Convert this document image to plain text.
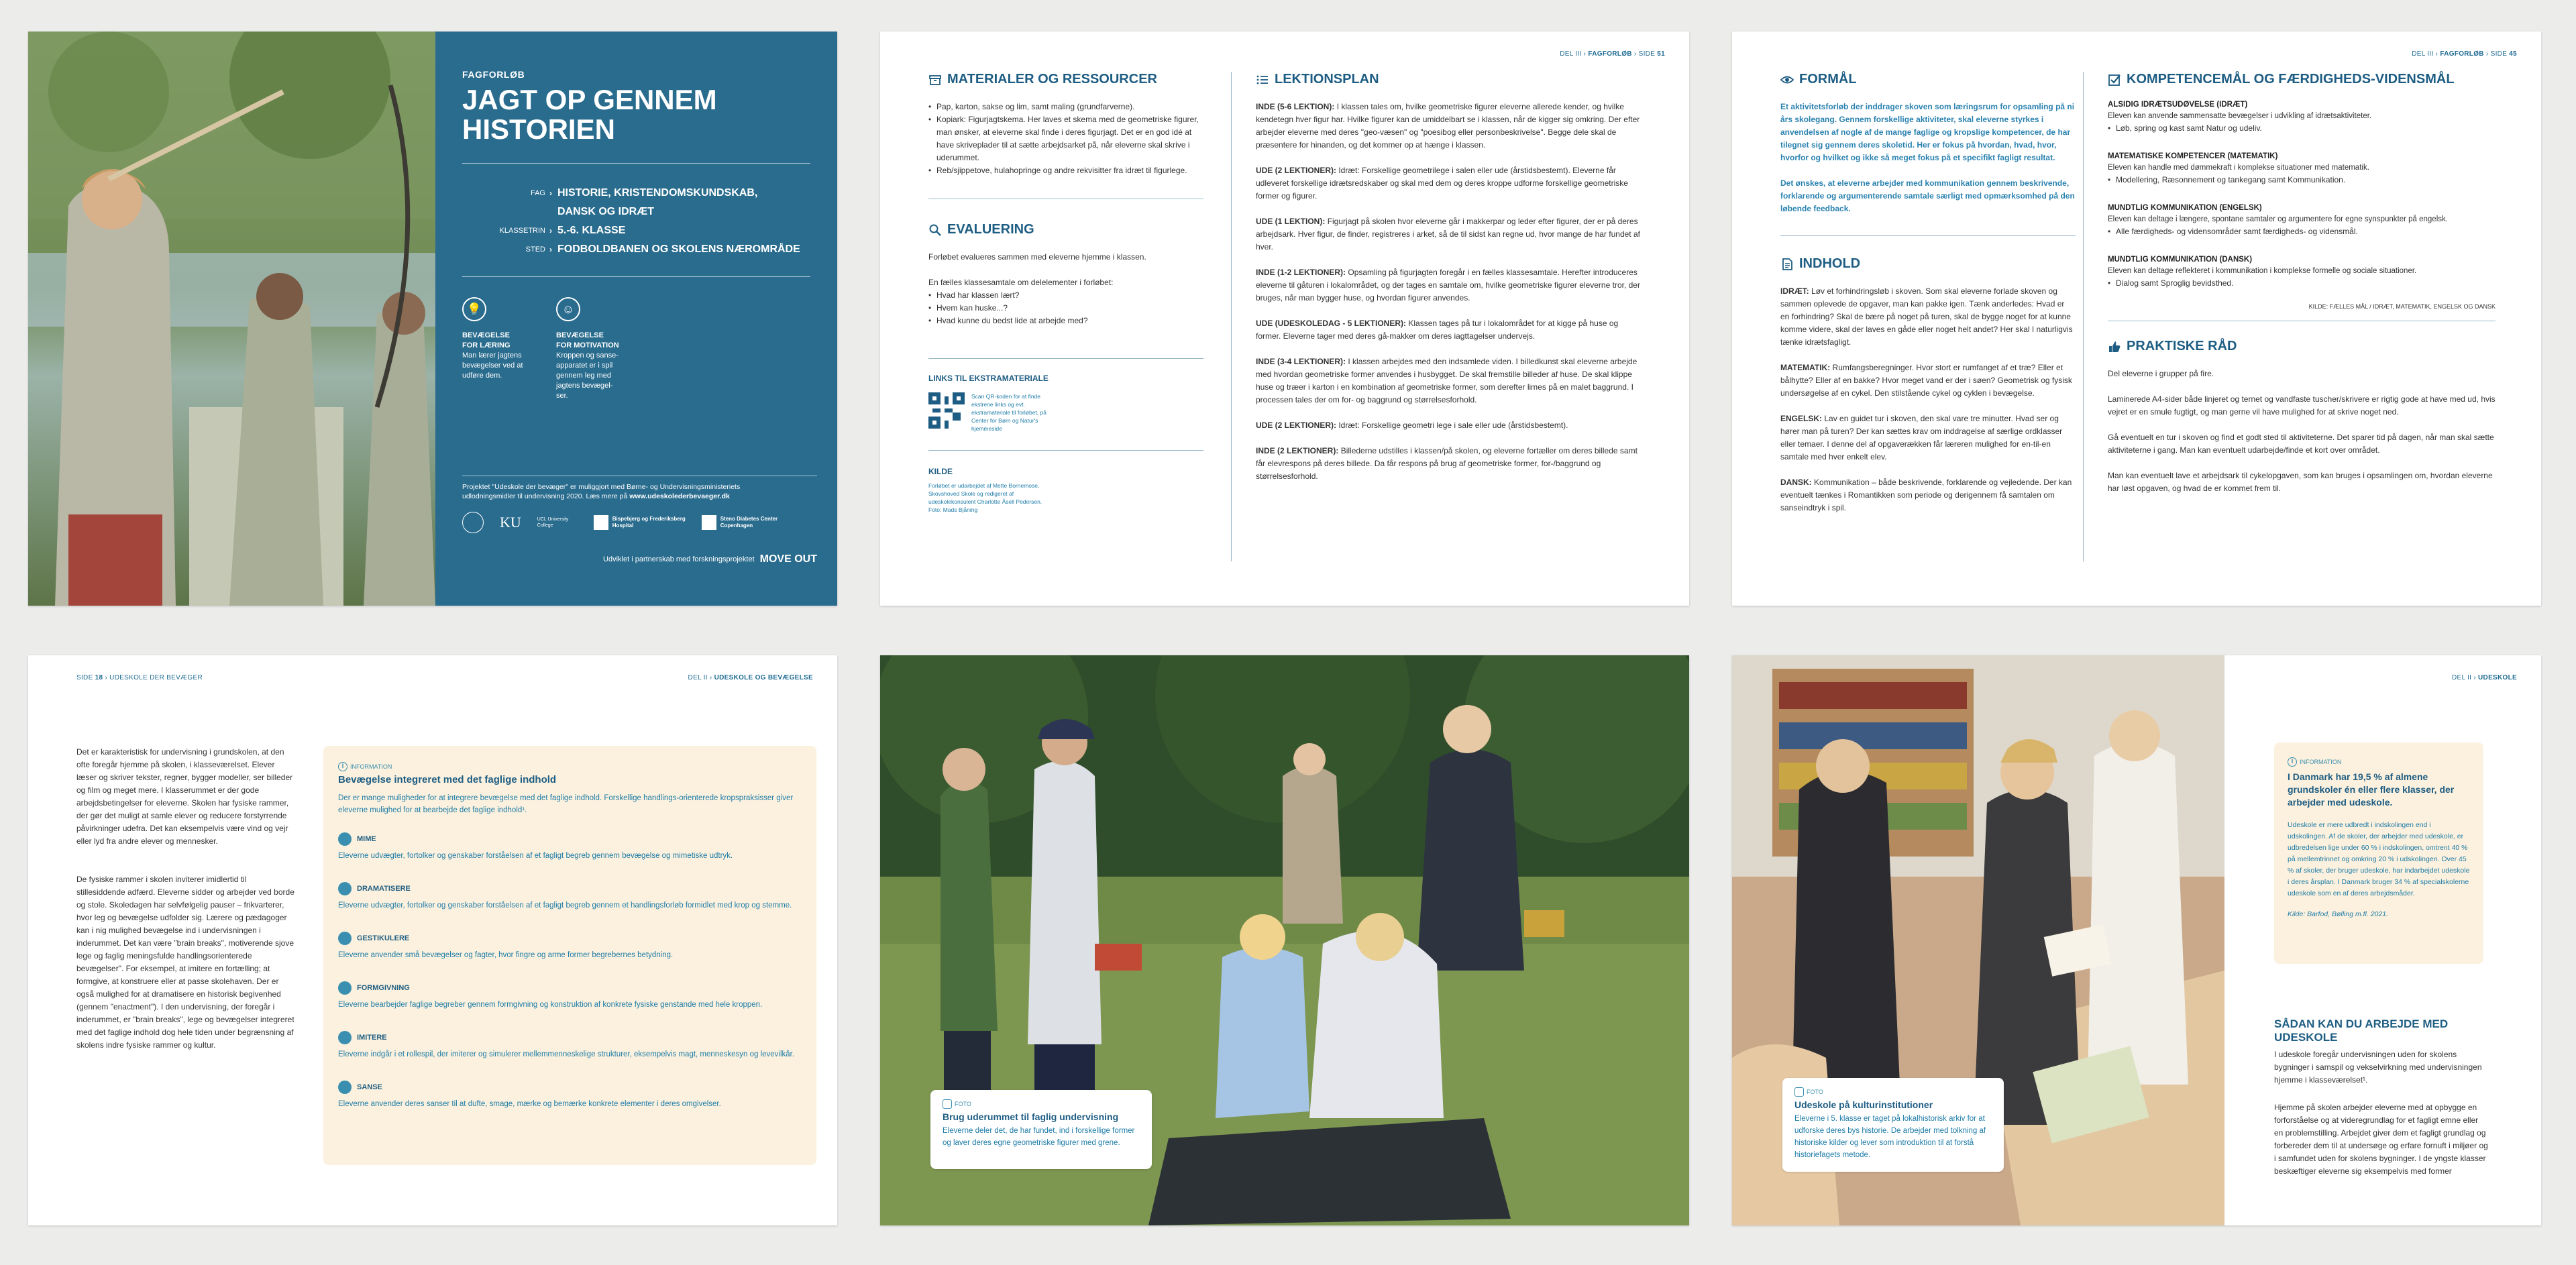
FAGFORLØB
JAGT OP GENNEM
HISTORIEN
FAG › HISTORIE, KRISTENDOMSKUNDSKAB,
DANSK OG IDRÆT
KLASSETRIN › 5.-6. KLASSE
STED › FODBOLDBANEN OG SKOLENS NÆROMRÅDE
💡
BEVÆGELSE
FOR LÆRING
Man lærer jagtens
bevægelser ved at
udføre dem.
☺
BEVÆGELSE
FOR MOTIVATION
Kroppen og sanse-
apparatet er i spil
gennem leg med
jagtens bevægel-
ser.
Projektet "Udeskole der bevæger" er muliggjort med Børne- og Undervisningsministeriets
udlodningsmidler til undervisning 2020. Læs mere på www.udeskolederbevaeger.dk
KU	UCL University College
Bispebjerg og Frederiksberg
Hospital
Steno Diabetes Center
Copenhagen
Udviklet i partnerskab med forskningsprojektet MOVE OUT
DEL III › FAGFORLØB › SIDE 51
MATERIALER OG RESSOURCER
• Pap, karton, sakse og lim, samt maling (grundfarverne).
• Kopiark: Figurjagtskema. Her laves et skema med de geometriske figurer, man ønsker, at eleverne skal finde i deres figurjagt. Det er en god idé at have skriveplader til at sætte arbejdsarket på, når eleverne skal skrive i uderummet.
• Reb/sjippetove, hulahopringe og andre rekvisitter fra idræt til figurlege.
EVALUERING

Forløbet evalueres sammen med eleverne hjemme i klassen.

En fælles klassesamtale om delelementer i forløbet:
• Hvad har klassen lært?
• Hvem kan huske...?
• Hvad kunne du bedst lide at arbejde med?
LINKS TIL EKSTRAMATERIALE
Scan QR-koden for at finde ekstrene links og evt. ekstramateriale til forløbet, på Center for Børn og Natur's hjemmeside
KILDE
Forløbet er udarbejdet af Mette Bornemose, Skovshoved Skole og redigeret af udeskolekonsulent Charlotte Åsell Pedersen. Foto: Mads Bjåning
LEKTIONSPLAN

INDE (5-6 LEKTION): I klassen tales om, hvilke geometriske figurer eleverne allerede kender, og hvilke kendetegn hver figur har. Hvilke figurer kan de umiddelbart se i klassen, når de kigger sig omkring. Der efter arbejder eleverne med deres "geo-væsen" og "poesibog eller personbeskrivelse". Begge dele skal de præsentere for hinanden, og det kommer op at hænge i klassen.

UDE (2 LEKTIONER): Idræt: Forskellige geometrilege i salen eller ude (årstidsbestemt). Eleverne får udleveret forskellige idrætsredskaber og skal med dem og deres kroppe udforme forskellige geometriske former og figurer.

UDE (1 LEKTION): Figurjagt på skolen hvor eleverne går i makkerpar og leder efter figurer, der er på deres arbejdsark. Hver figur, de finder, registreres i arket, så de til sidst kan regne ud, hvor mange de har fundet af hver.

INDE (1-2 LEKTIONER): Opsamling på figurjagten foregår i en fælles klassesamtale. Herefter introduceres eleverne til gåturen i lokalområdet, og der tages en samtale om, hvilke geometriske figurer eleverne tror, der bruges, når man bygger huse, og hvordan figurer anvendes.

UDE (UDESKOLEDAG - 5 LEKTIONER): Klassen tages på tur i lokalområdet for at kigge på huse og former. Eleverne tager med deres gå-makker om deres iagttagelser undervejs.

INDE (3-4 LEKTIONER): I klassen arbejdes med den indsamlede viden. I billedkunst skal eleverne arbejde med hvordan geometriske former anvendes i husbygget. De skal fremstille billeder af huse. De skal klippe huse og træer i karton i en kombination af geometriske former, som derefter limes på en malet baggrund. I processen tales der om for- og baggrund og størrelsesforhold.

UDE (2 LEKTIONER): Idræt: Forskellige geometri lege i sale eller ude (årstidsbestemt).

INDE (2 LEKTIONER): Billederne udstilles i klassen/på skolen, og eleverne fortæller om deres billede samt får elevrespons på deres billede. Da får respons på brug af geometriske former, for-/baggrund og størrelsesforhold.

DEL III › FAGFORLØB › SIDE 45
FORMÅL

Et aktivitetsforløb der inddrager skoven som læringsrum for opsamling på ni års skolegang. Gennem forskellige aktiviteter, skal eleverne styrkes i anvendelsen af nogle af de mange faglige og kropslige kompetencer, de har tilegnet sig gennem deres skoletid. Her er fokus på hvordan, hvad, hvor, hvorfor og hvilket og ikke så meget fokus på et specifikt fagligt resultat.

Det ønskes, at eleverne arbejder med kommunikation gennem beskrivende, forklarende og argumenterende samtale særligt med opmærksomhed på den løbende feedback.

INDHOLD

IDRÆT: Løv et forhindringsløb i skoven. Som skal eleverne forlade skoven og sammen oplevede de opgaver, man kan pakke igen. Tænk anderledes: Hvad er en forhindring? Skal de bære på noget på turen, skal de bygge noget for at kunne komme videre, skal der laves en gåde eller noget helt andet? Her skal I naturligvis tænke idrætsfagligt.

MATEMATIK: Rumfangsberegninger. Hvor stort er rumfanget af et træ? Eller et bålhytte? Eller af en bakke? Hvor meget vand er der i søen? Geometrisk og fysisk undersøgelse af en cykel. Den stilstående cykel og cyklen i bevægelse.

ENGELSK: Lav en guidet tur i skoven, den skal vare tre minutter. Hvad ser og hører man på turen? Der kan sættes krav om inddragelse af særlige ordklasser eller temaer. I denne del af opgaverækken får læreren mulighed for en-til-en samtale med hver enkelt elev.

DANSK: Kommunikation – både beskrivende, forklarende og vejledende. Der kan eventuelt tænkes i Romantikken som periode og derigennem få samtalen om sanseindtryk i spil.

KOMPETENCEMÅL OG FÆRDIGHEDS-VIDENSMÅL
ALSIDIG IDRÆTSUDØVELSE (IDRÆT)

Eleven kan anvende sammensatte bevægelser i udvikling af idrætsaktiviteter.

• Løb, spring og kast samt Natur og udeliv.
MATEMATISKE KOMPETENCER (MATEMATIK)

Eleven kan handle med dømmekraft i komplekse situationer med matematik.

• Modellering, Ræsonnement og tankegang samt Kommunikation.
MUNDTLIG KOMMUNIKATION (ENGELSK)

Eleven kan deltage i længere, spontane samtaler og argumentere for egne synspunkter på engelsk.

• Alle færdigheds- og vidensområder samt færdigheds- og vidensmål.
MUNDTLIG KOMMUNIKATION (DANSK)

Eleven kan deltage reflekteret i kommunikation i komplekse formelle og sociale situationer.

• Dialog samt Sproglig bevidsthed.
KILDE: FÆLLES MÅL / IDRÆT, MATEMATIK, ENGELSK OG DANSK
PRAKTISKE RÅD

Del eleverne i grupper på fire.

Laminerede A4-sider både linjeret og ternet og vandfaste tuscher/skrivere er rigtig gode at have med ud, hvis vejret er en smule fugtigt, og man gerne vil have mulighed for at skrive noget ned.

Gå eventuelt en tur i skoven og find et godt sted til aktiviteterne. Det sparer tid på dagen, når man skal sætte aktiviteterne i gang. Man kan eventuelt udarbejde/finde et kort over området.

Man kan eventuelt lave et arbejdsark til cykelopgaven, som kan bruges i opsamlingen om, hvordan eleverne har løst opgaven, og hvad de er kommet frem til.

SIDE 18 › UDESKOLE DER BEVÆGER	DEL II › UDESKOLE OG BEVÆGELSE

Det er karakteristisk for undervisning i grundskolen, at den ofte foregår hjemme på skolen, i klasseværelset. Elever læser og skriver tekster, regner, bygger modeller, ser billeder og film og meget mere. I klasserummet er der gode arbejdsbetingelser for eleverne. Skolen har fysiske rammer, der gør det muligt at samle elever og reducere forstyrrende påvirkninger udefra. Det kan eksempelvis være vind og vejr eller lyd fra andre elever og mennesker.

De fysiske rammer i skolen inviterer imidlertid til stillesiddende adfærd. Eleverne sidder og arbejder ved borde og stole. Skoledagen har selvfølgelig pauser – frikvarterer, hvor leg og bevægelse udfolder sig. Lærere og pædagoger kan i nig mulighed bevægelse ind i undervisningen i inderummet. Det kan være "brain breaks", motiverende sjove lege og faglig meningsfulde handlingsorienterede bevægelser". For eksempel, at imitere en fortælling; at formgive, at konstruere eller at passe skolehaven. Der er også mulighed for at dramatisere en historisk begivenhed (gennem "enactment"). I den undervisning, der foregår i inderummet, er "brain breaks", lege og bevægelser integreret med det faglige indhold dog hele tiden under begrænsning af skolens indre fysiske rammer og kultur.

I	INFORMATION
Bevægelse integreret med det faglige indhold
Der er mange muligheder for at integrere bevægelse med det faglige indhold. Forskellige handlings-orienterede kropspraksisser giver eleverne mulighed for at bearbejde det faglige indhold¹.
MIME

Eleverne udvægter, fortolker og genskaber forståelsen af et fagligt begreb gennem bevægelse og mimetiske udtryk.

DRAMATISERE

Eleverne udvægter, fortolker og genskaber forståelsen af et fagligt begreb gennem et handlingsforløb formidlet med krop og stemme.

GESTIKULERE

Eleverne anvender små bevægelser og fagter, hvor fingre og arme former begrebernes betydning.

FORMGIVNING

Eleverne bearbejder faglige begreber gennem formgivning og konstruktion af konkrete fysiske genstande med hele kroppen.

IMITERE

Eleverne indgår i et rollespil, der imiterer og simulerer mellemmenneskelige strukturer, eksempelvis magt, menneskesyn og levevilkår.

SANSE

Eleverne anvender deres sanser til at dufte, smage, mærke og bemærke konkrete elementer i deres omgivelser.	FOTO
Brug uderummet til faglig undervisning
Eleverne deler det, de har fundet, ind i forskellige former og laver deres egne geometriske figurer med grene.
DEL II › UDESKOLE
FOTO
Udeskole på kulturinstitutioner
Eleverne i 5. klasse er taget på lokalhistorisk arkiv for at udforske deres bys historie. De arbejder med tolkning af historiske kilder og lever som introduktion til at forstå historiefagets metode.
I	INFORMATION
I Danmark har 19,5 % af almene grundskoler én eller flere klasser, der arbejder med udeskole.
Udeskole er mere udbredt i indskolingen end i udskolingen. Af de skoler, der arbejder med udeskole, er udbredelsen lige under 60 % i indskolingen, omtrent 40 % på mellemtrinnet og omkring 20 % i udskolingen. Over 45 % af skoler, der bruger udeskole, har indarbejdet udeskole i deres årsplan. I Danmark bruger 34 % af specialskolerne udeskole som en af deres arbejdsmåder.
Kilde: Barfod, Bølling m.fl. 2021.
SÅDAN KAN DU ARBEJDE MED
UDESKOLE

I udeskole foregår undervisningen uden for skolens bygninger i samspil og vekselvirkning med undervisningen hjemme i klasseværelset¹.

Hjemme på skolen arbejder eleverne med at opbygge en forforståelse og at videregrundlag for et fagligt emne eller en problemstilling. Arbejdet giver dem et fagligt grundlag og forbereder dem til at undersøge og erfare fornuft i miljøer og i samfundet uden for skolens bygninger. I de yngste klasser beskæftiger eleverne sig eksempelvis med former
